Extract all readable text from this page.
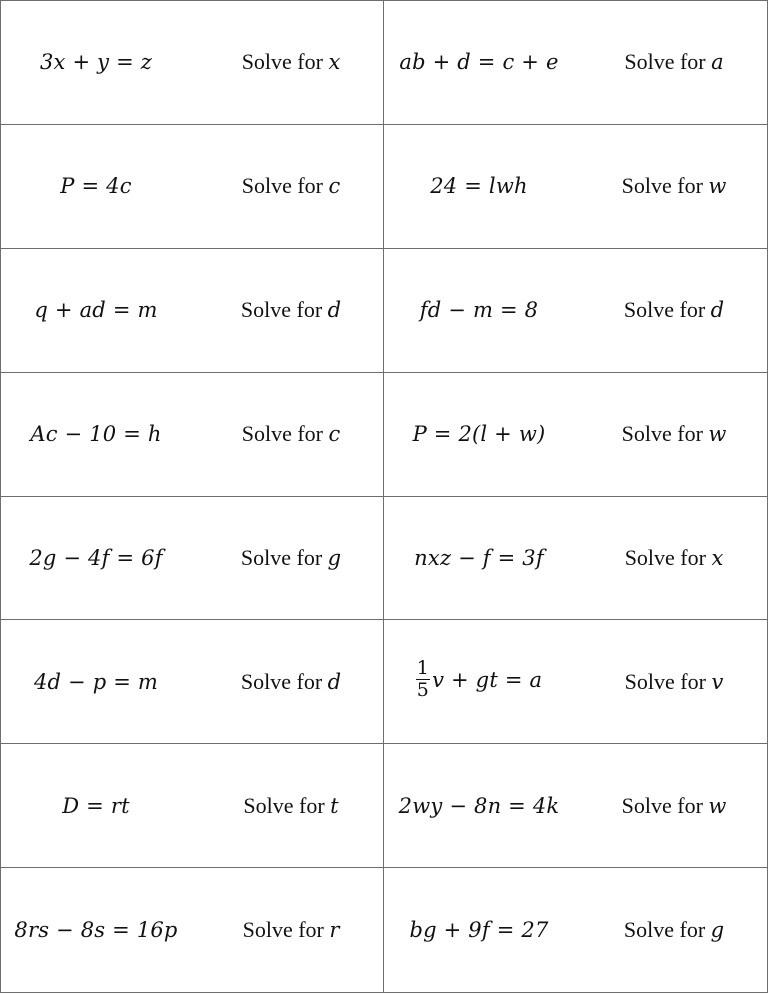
3x + y = z	Solve for x	ab + d = c + e	Solve for a
P = 4c	Solve for c	24 = lwh	Solve for w
q + ad = m	Solve for d	fd − m = 8	Solve for d
Ac − 10 = h	Solve for c	P = 2(l + w)	Solve for w
2g − 4f = 6f	Solve for g	nxz − f = 3f	Solve for x
4d − p = m	Solve for d	$\frac{1}{5}$ v + gt = a	Solve for v
D = rt	Solve for t	2wy − 8n = 4k	Solve for w
8rs − 8s = 16p	Solve for r	bg + 9f = 27	Solve for g
